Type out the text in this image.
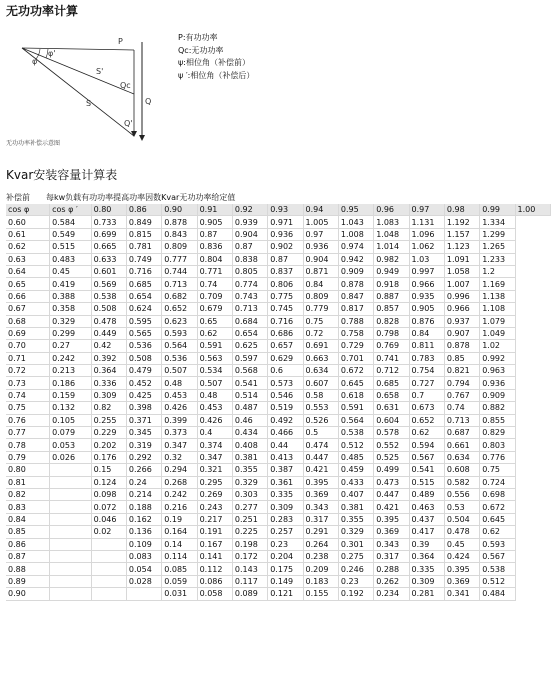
无功功率计算
P
φ
φ'
Qc
S
S'
Q
Q'
P:有功功率
Qc:无功功率
ψ:相位角（补偿前）
ψ ′:相位角（补偿后）
无功功率补偿示意图
Kvar安装容量计算表
补偿前	每kw负载有功功率提高功率因数Kvar无功功率给定值
cos φ	cos φ ′	0.80	0.86	0.90	0.91	0.92	0.93	0.94	0.95	0.96	0.97	0.98	0.99	1.00
0.60	0.584	0.733	0.849	0.878	0.905	0.939	0.971	1.005	1.043	1.083	1.131	1.192	1.334	
0.61	0.549	0.699	0.815	0.843	0.87	0.904	0.936	0.97	1.008	1.048	1.096	1.157	1.299	
0.62	0.515	0.665	0.781	0.809	0.836	0.87	0.902	0.936	0.974	1.014	1.062	1.123	1.265	
0.63	0.483	0.633	0.749	0.777	0.804	0.838	0.87	0.904	0.942	0.982	1.03	1.091	1.233	
0.64	0.45	0.601	0.716	0.744	0.771	0.805	0.837	0.871	0.909	0.949	0.997	1.058	1.2	
0.65	0.419	0.569	0.685	0.713	0.74	0.774	0.806	0.84	0.878	0.918	0.966	1.007	1.169	
0.66	0.388	0.538	0.654	0.682	0.709	0.743	0.775	0.809	0.847	0.887	0.935	0.996	1.138	
0.67	0.358	0.508	0.624	0.652	0.679	0.713	0.745	0.779	0.817	0.857	0.905	0.966	1.108	
0.68	0.329	0.478	0.595	0.623	0.65	0.684	0.716	0.75	0.788	0.828	0.876	0.937	1.079	
0.69	0.299	0.449	0.565	0.593	0.62	0.654	0.686	0.72	0.758	0.798	0.84	0.907	1.049	
0.70	0.27	0.42	0.536	0.564	0.591	0.625	0.657	0.691	0.729	0.769	0.811	0.878	1.02	
0.71	0.242	0.392	0.508	0.536	0.563	0.597	0.629	0.663	0.701	0.741	0.783	0.85	0.992	
0.72	0.213	0.364	0.479	0.507	0.534	0.568	0.6	0.634	0.672	0.712	0.754	0.821	0.963	
0.73	0.186	0.336	0.452	0.48	0.507	0.541	0.573	0.607	0.645	0.685	0.727	0.794	0.936	
0.74	0.159	0.309	0.425	0.453	0.48	0.514	0.546	0.58	0.618	0.658	0.7	0.767	0.909	
0.75	0.132	0.82	0.398	0.426	0.453	0.487	0.519	0.553	0.591	0.631	0.673	0.74	0.882	
0.76	0.105	0.255	0.371	0.399	0.426	0.46	0.492	0.526	0.564	0.604	0.652	0.713	0.855	
0.77	0.079	0.229	0.345	0.373	0.4	0.434	0.466	0.5	0.538	0.578	0.62	0.687	0.829	
0.78	0.053	0.202	0.319	0.347	0.374	0.408	0.44	0.474	0.512	0.552	0.594	0.661	0.803	
0.79	0.026	0.176	0.292	0.32	0.347	0.381	0.413	0.447	0.485	0.525	0.567	0.634	0.776	
0.80		0.15	0.266	0.294	0.321	0.355	0.387	0.421	0.459	0.499	0.541	0.608	0.75	
0.81		0.124	0.24	0.268	0.295	0.329	0.361	0.395	0.433	0.473	0.515	0.582	0.724	
0.82		0.098	0.214	0.242	0.269	0.303	0.335	0.369	0.407	0.447	0.489	0.556	0.698	
0.83		0.072	0.188	0.216	0.243	0.277	0.309	0.343	0.381	0.421	0.463	0.53	0.672	
0.84		0.046	0.162	0.19	0.217	0.251	0.283	0.317	0.355	0.395	0.437	0.504	0.645	
0.85		0.02	0.136	0.164	0.191	0.225	0.257	0.291	0.329	0.369	0.417	0.478	0.62	
0.86			0.109	0.14	0.167	0.198	0.23	0.264	0.301	0.343	0.39	0.45	0.593	
0.87			0.083	0.114	0.141	0.172	0.204	0.238	0.275	0.317	0.364	0.424	0.567	
0.88			0.054	0.085	0.112	0.143	0.175	0.209	0.246	0.288	0.335	0.395	0.538	
0.89			0.028	0.059	0.086	0.117	0.149	0.183	0.23	0.262	0.309	0.369	0.512	
0.90				0.031	0.058	0.089	0.121	0.155	0.192	0.234	0.281	0.341	0.484	
